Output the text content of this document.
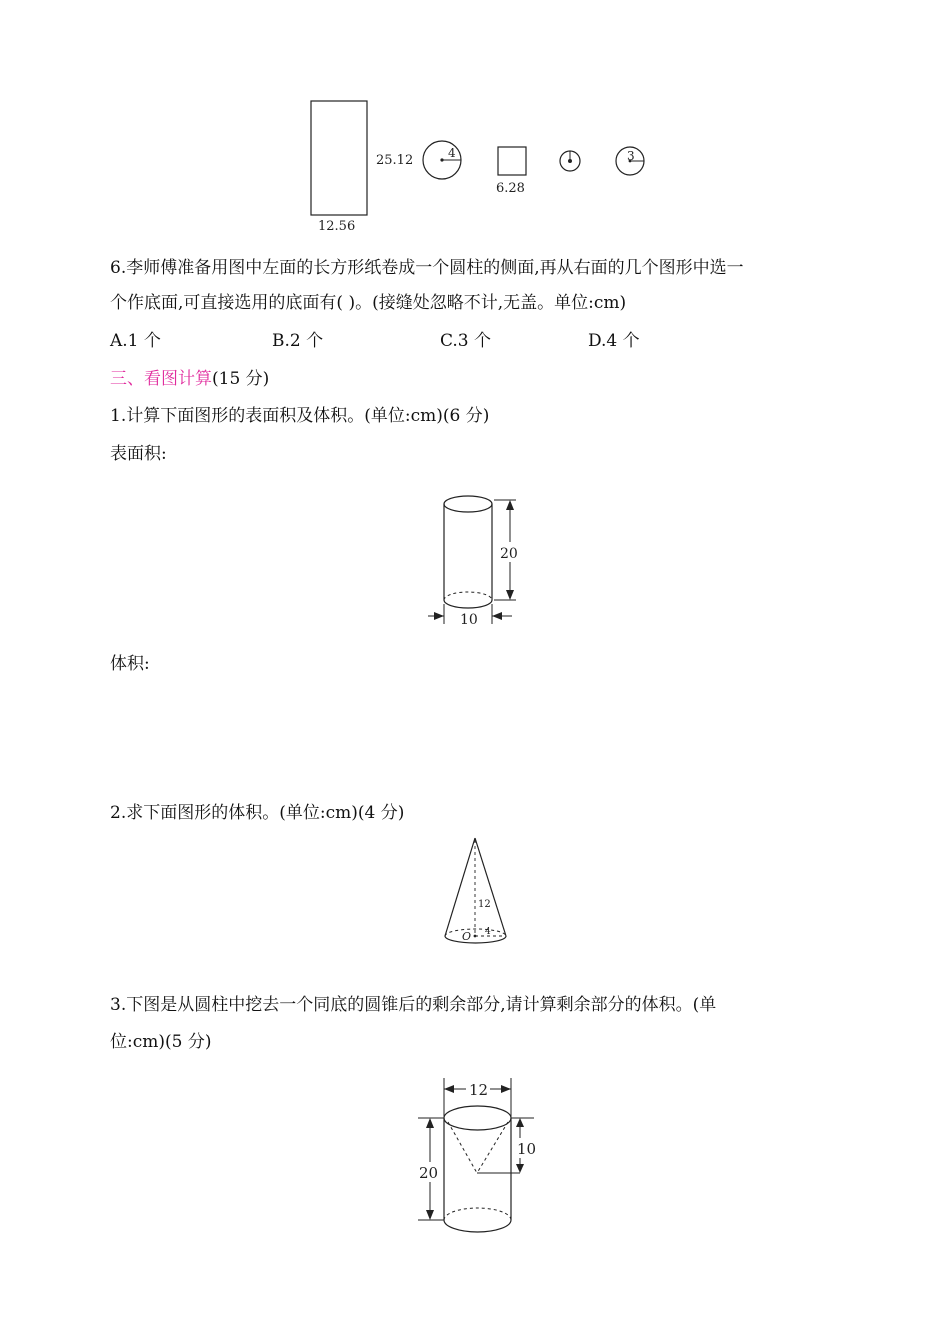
25.12
12.56
4
6.28
3
6.李师傅准备用图中左面的长方形纸卷成一个圆柱的侧面,再从右面的几个图形中选一
个作底面,可直接选用的底面有( )。(接缝处忽略不计,无盖。单位:cm)
A.1 个	B.2 个	C.3 个	D.4 个
三、看图计算(15 分)
1.计算下面图形的表面积及体积。(单位:cm)(6 分)
表面积:
20
10
体积:
2.求下面图形的体积。(单位:cm)(4 分)
12
O 4
3.下图是从圆柱中挖去一个同底的圆锥后的剩余部分,请计算剩余部分的体积。(单
位:cm)(5 分)
12
20
10
